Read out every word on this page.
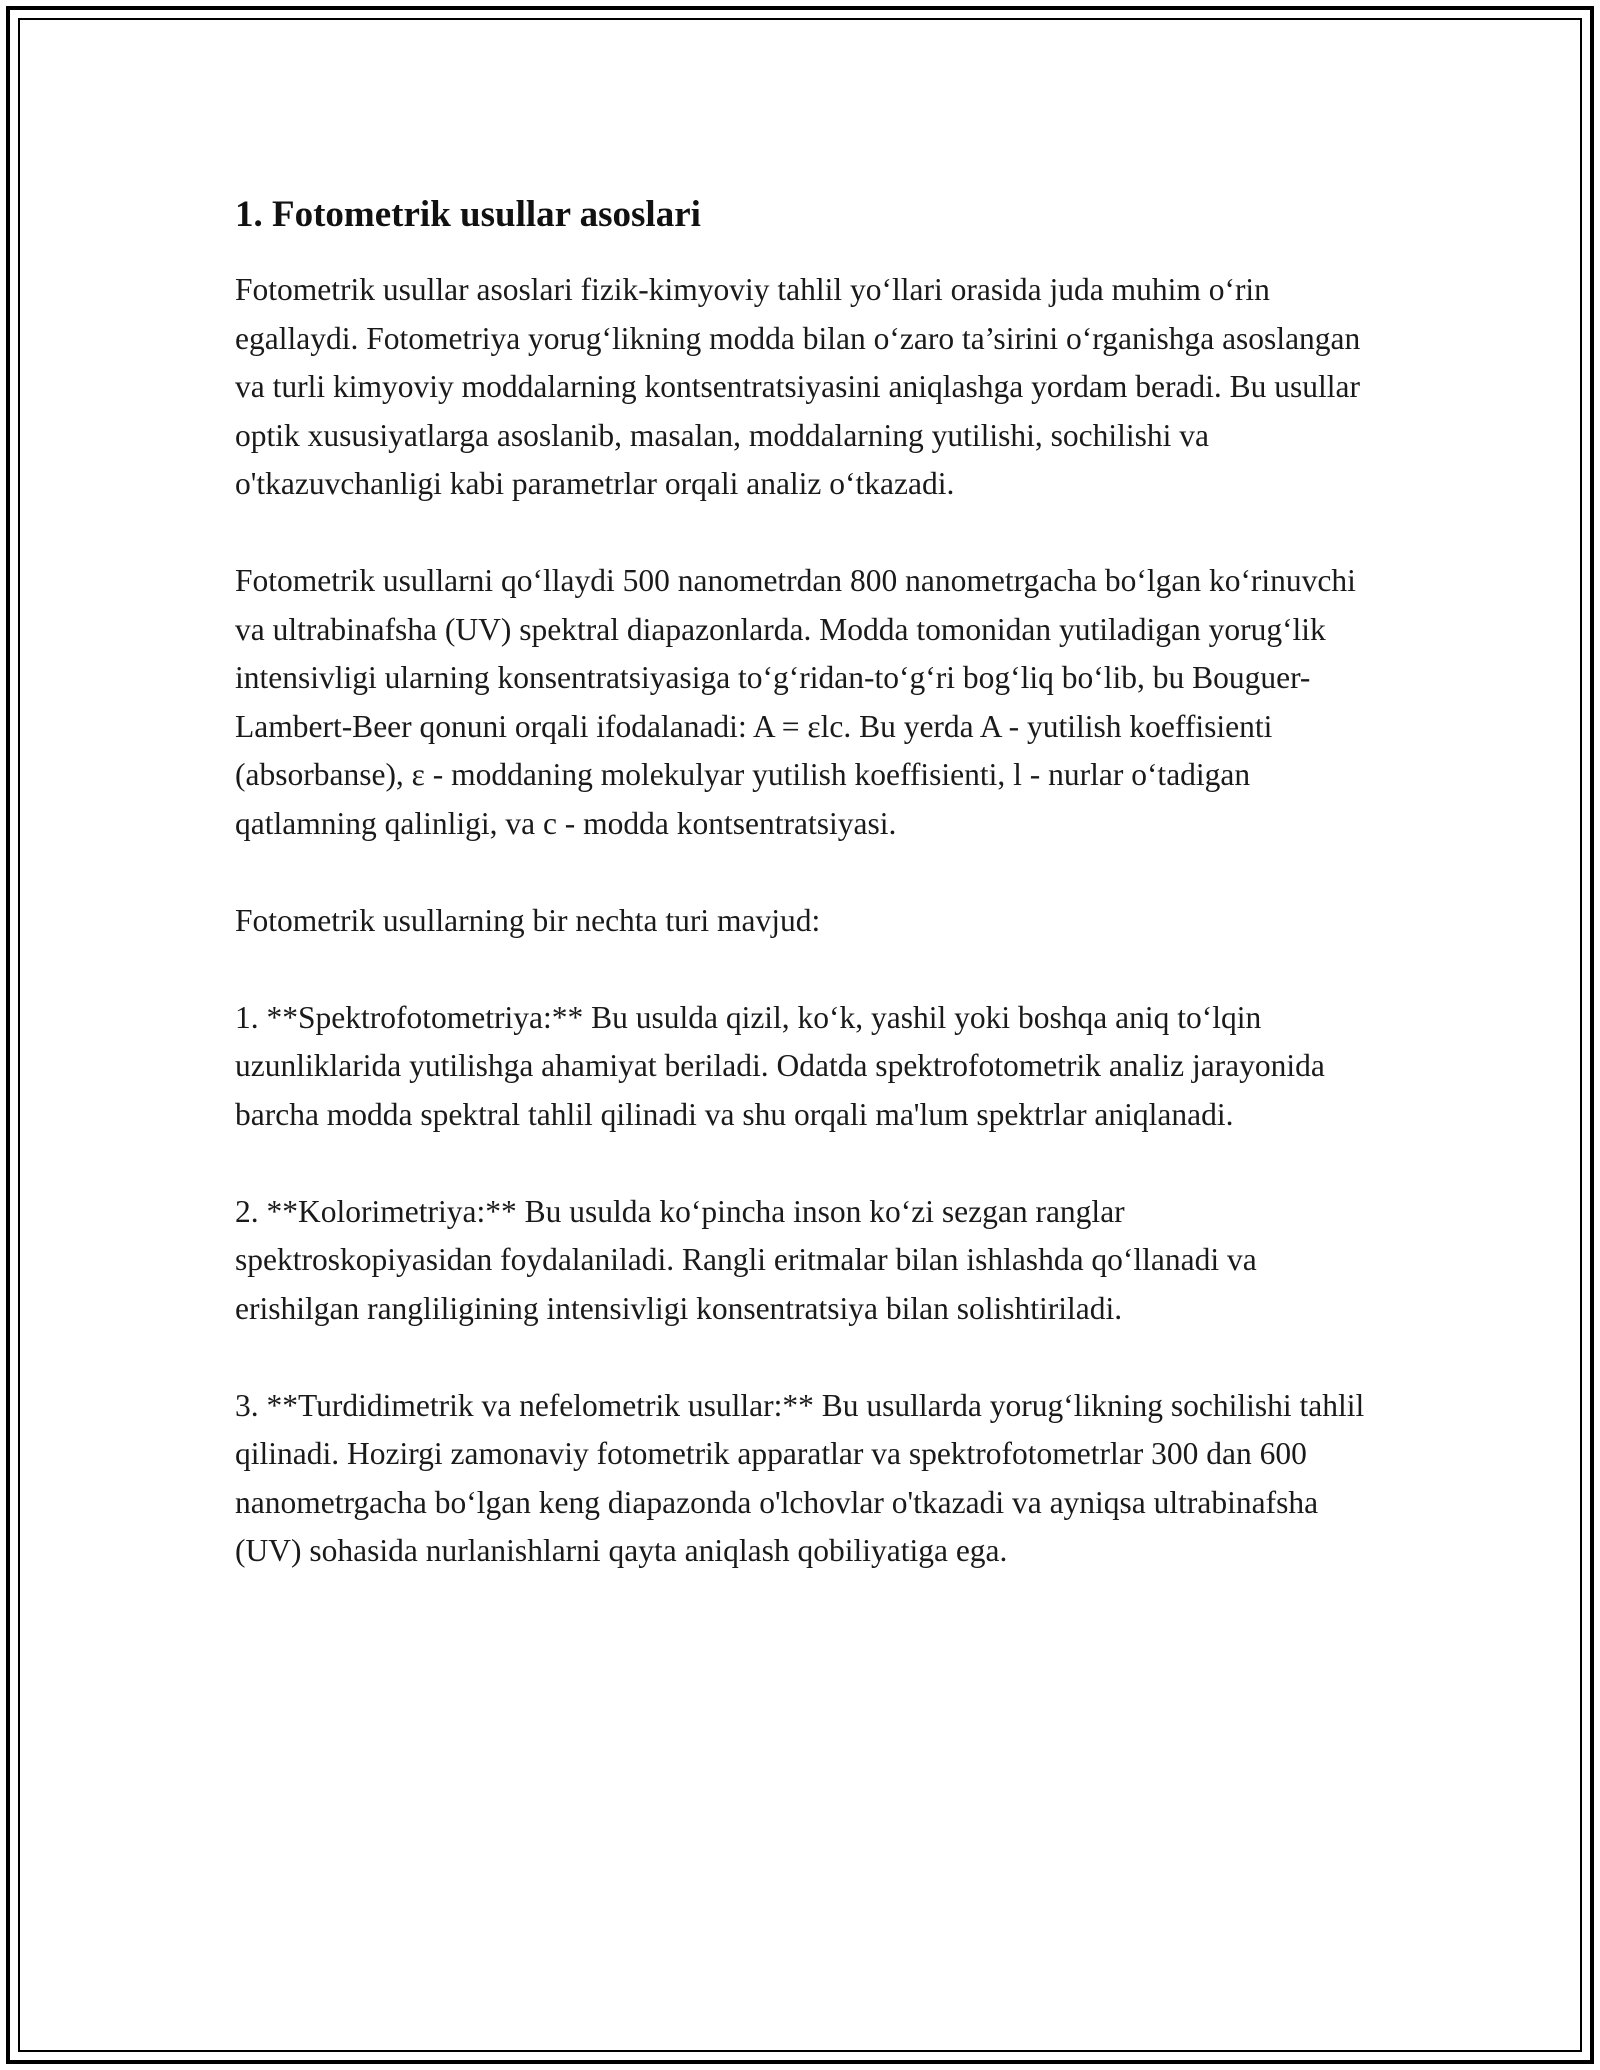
1. Fotometrik usullar asoslari

Fotometrik usullar asoslari fizik-kimyoviy tahlil yo‘llari orasida juda muhim o‘rin egallaydi. Fotometriya yorug‘likning modda bilan o‘zaro ta’sirini o‘rganishga asoslangan va turli kimyoviy moddalarning kontsentratsiyasini aniqlashga yordam beradi. Bu usullar optik xususiyatlarga asoslanib, masalan, moddalarning yutilishi, sochilishi va o'tkazuvchanligi kabi parametrlar orqali analiz o‘tkazadi.

Fotometrik usullarni qo‘llaydi 500 nanometrdan 800 nanometrgacha bo‘lgan ko‘rinuvchi va ultrabinafsha (UV) spektral diapazonlarda. Modda tomonidan yutiladigan yorug‘lik intensivligi ularning konsentratsiyasiga to‘g‘ridan-to‘g‘ri bog‘liq bo‘lib, bu Bouguer-Lambert-Beer qonuni orqali ifodalanadi: A = εlc. Bu yerda A - yutilish koeffisienti (absorbanse), ε - moddaning molekulyar yutilish koeffisienti, l - nurlar o‘tadigan qatlamning qalinligi, va c - modda kontsentratsiyasi.

Fotometrik usullarning bir nechta turi mavjud:

1. **Spektrofotometriya:** Bu usulda qizil, ko‘k, yashil yoki boshqa aniq to‘lqin uzunliklarida yutilishga ahamiyat beriladi. Odatda spektrofotometrik analiz jarayonida barcha modda spektral tahlil qilinadi va shu orqali ma'lum spektrlar aniqlanadi.

2. **Kolorimetriya:** Bu usulda ko‘pincha inson ko‘zi sezgan ranglar spektroskopiyasidan foydalaniladi. Rangli eritmalar bilan ishlashda qo‘llanadi va erishilgan rangliligining intensivligi konsentratsiya bilan solishtiriladi.

3. **Turdidimetrik va nefelometrik usullar:** Bu usullarda yorug‘likning sochilishi tahlil qilinadi. Hozirgi zamonaviy fotometrik apparatlar va spektrofotometrlar 300 dan 600 nanometrgacha bo‘lgan keng diapazonda o'lchovlar o'tkazadi va ayniqsa ultrabinafsha (UV) sohasida nurlanishlarni qayta aniqlash qobiliyatiga ega.
